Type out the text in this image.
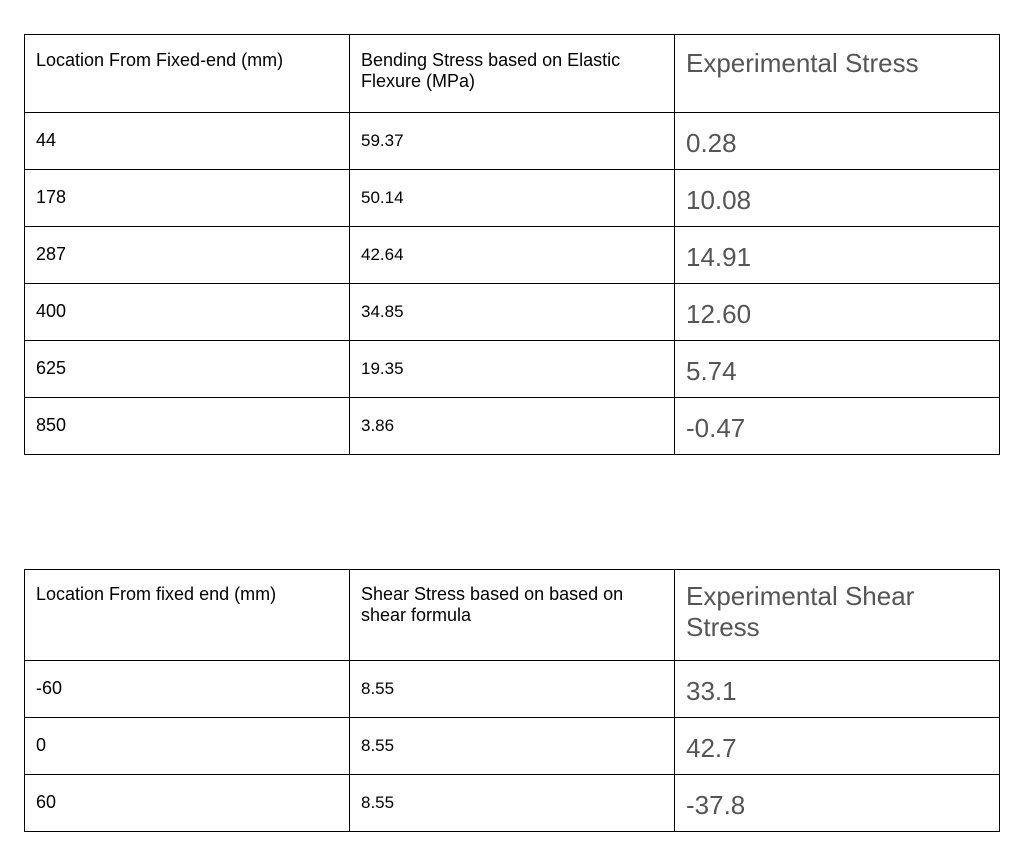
Location From Fixed-end (mm)	Bending Stress based on Elastic Flexure (MPa)	Experimental Stress
44	59.37	0.28
178	50.14	10.08
287	42.64	14.91
400	34.85	12.60
625	19.35	5.74
850	3.86	-0.47
Location From fixed end (mm)	Shear Stress based on based on shear formula	Experimental Shear Stress
-60	8.55	33.1
0	8.55	42.7
60	8.55	-37.8
